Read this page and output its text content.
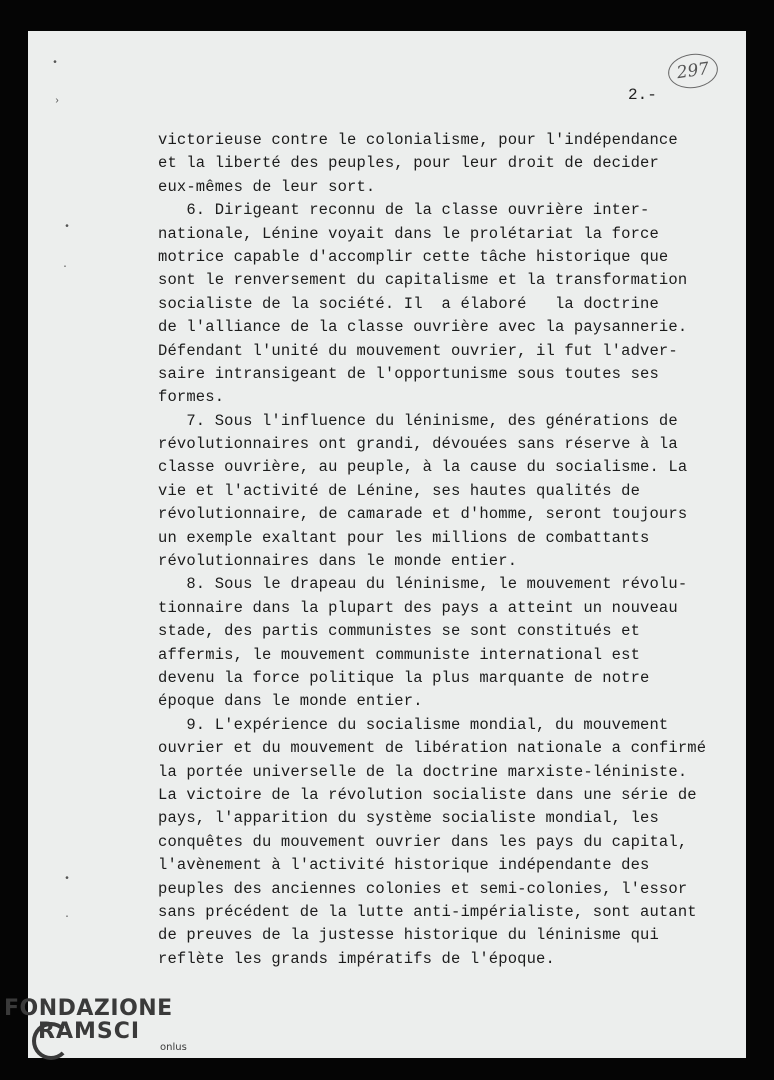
2.-
297
•
›
•
·
•
·
victorieuse contre le colonialisme, pour l'indépendance
et la liberté des peuples, pour leur droit de decider
eux-mêmes de leur sort.
6. Dirigeant reconnu de la classe ouvrière inter-
nationale, Lénine voyait dans le prolétariat la force
motrice capable d'accomplir cette tâche historique que
sont le renversement du capitalisme et la transformation
socialiste de la société. Il  a élaboré   la doctrine
de l'alliance de la classe ouvrière avec la paysannerie.
Défendant l'unité du mouvement ouvrier, il fut l'adver-
saire intransigeant de l'opportunisme sous toutes ses
formes.
7. Sous l'influence du léninisme, des générations de
révolutionnaires ont grandi, dévouées sans réserve à la
classe ouvrière, au peuple, à la cause du socialisme. La
vie et l'activité de Lénine, ses hautes qualités de
révolutionnaire, de camarade et d'homme, seront toujours
un exemple exaltant pour les millions de combattants
révolutionnaires dans le monde entier.
8. Sous le drapeau du léninisme, le mouvement révolu-
tionnaire dans la plupart des pays a atteint un nouveau
stade, des partis communistes se sont constitués et
affermis, le mouvement communiste international est
devenu la force politique la plus marquante de notre
époque dans le monde entier.
9. L'expérience du socialisme mondial, du mouvement
ouvrier et du mouvement de libération nationale a confirmé
la portée universelle de la doctrine marxiste-léniniste.
La victoire de la révolution socialiste dans une série de
pays, l'apparition du système socialiste mondial, les
conquêtes du mouvement ouvrier dans les pays du capital,
l'avènement à l'activité historique indépendante des
peuples des anciennes colonies et semi-colonies, l'essor
sans précédent de la lutte anti-impérialiste, sont autant
de preuves de la justesse historique du léninisme qui
reflète les grands impératifs de l'époque.
FONDAZIONE
RAMSCI
onlus
